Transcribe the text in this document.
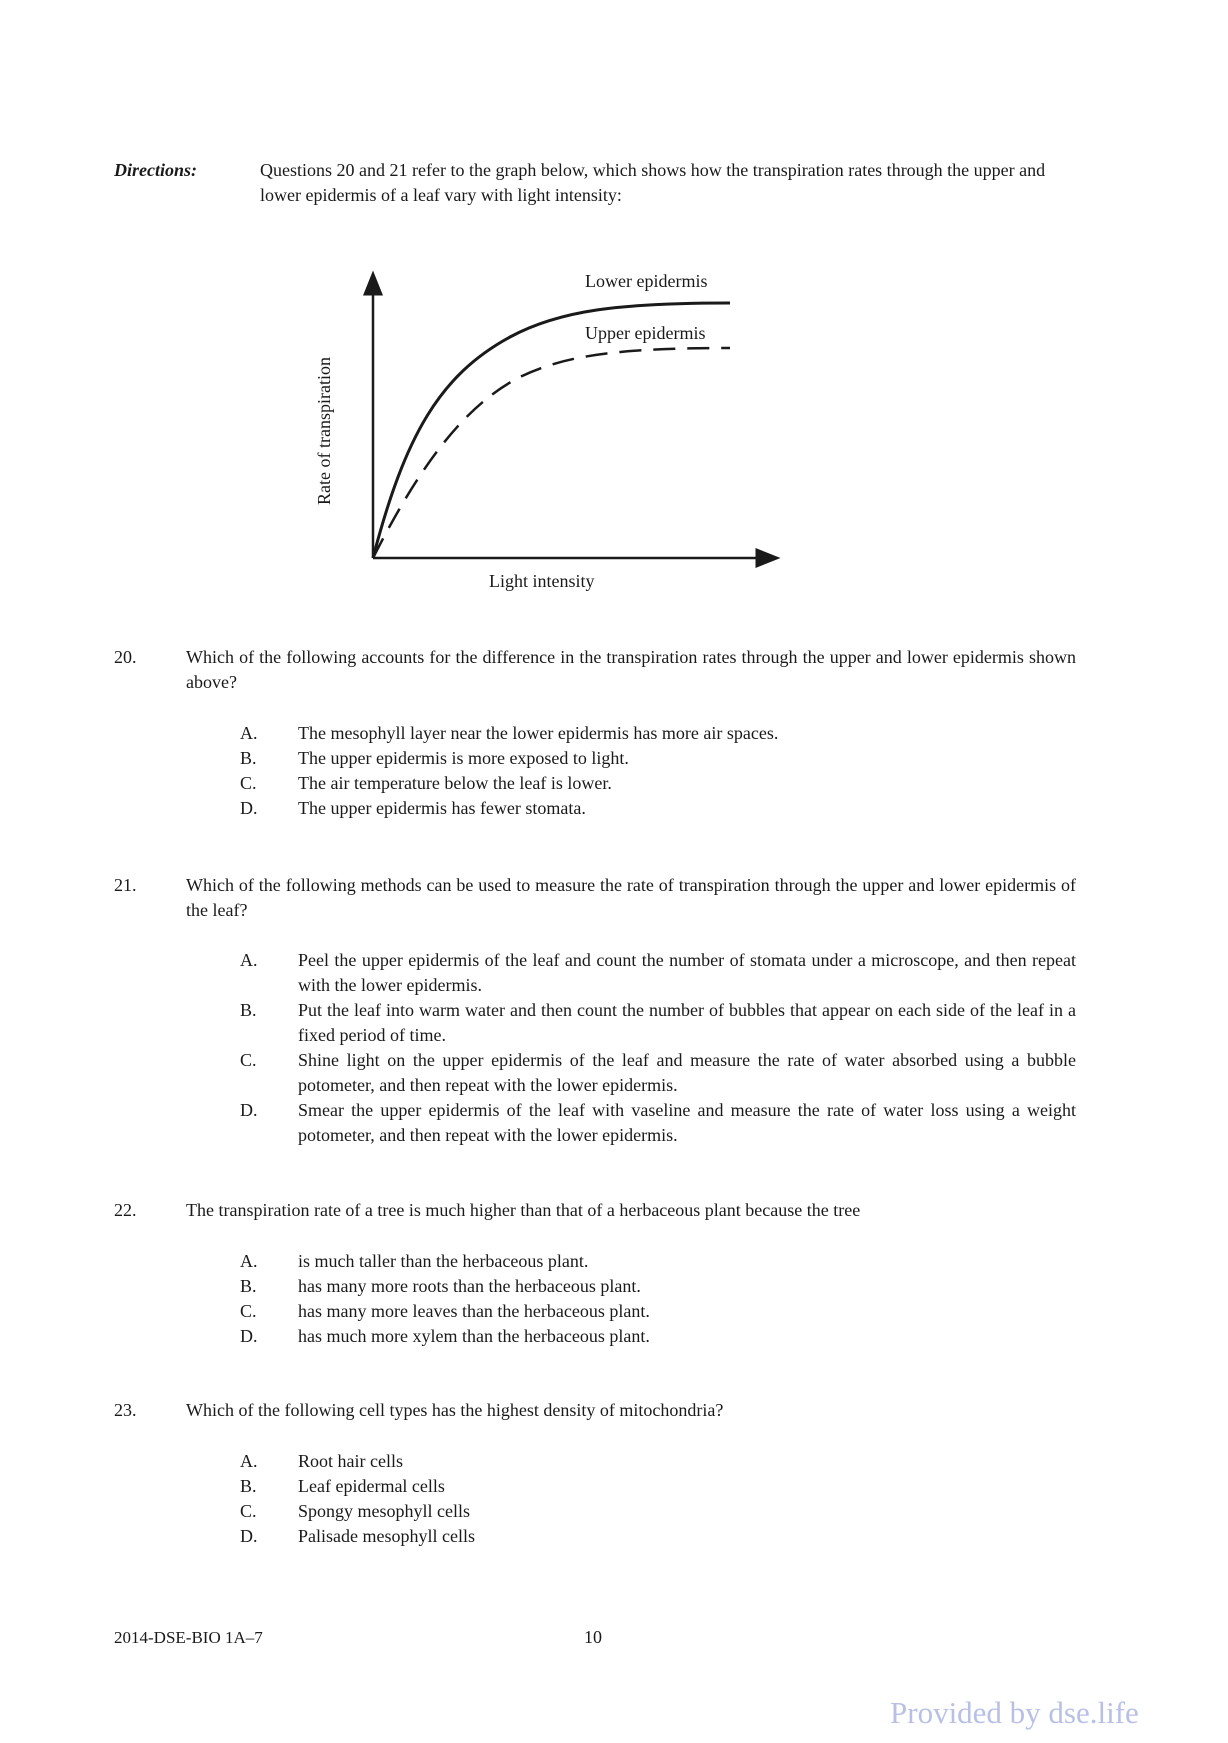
Directions:	Questions 20 and 21 refer to the graph below, which shows how the transpiration rates through the upper and lower epidermis of a leaf vary with light intensity:
Lower epidermis
Upper epidermis
Light intensity
Rate of transpiration
20.	Which of the following accounts for the difference in the transpiration rates through the upper and lower epidermis shown above?
A.	The mesophyll layer near the lower epidermis has more air spaces.
B.	The upper epidermis is more exposed to light.
C.	The air temperature below the leaf is lower.
D.	The upper epidermis has fewer stomata.
21.	Which of the following methods can be used to measure the rate of transpiration through the upper and lower epidermis of the leaf?
A.	Peel the upper epidermis of the leaf and count the number of stomata under a microscope, and then repeat with the lower epidermis.
B.	Put the leaf into warm water and then count the number of bubbles that appear on each side of the leaf in a fixed period of time.
C.	Shine light on the upper epidermis of the leaf and measure the rate of water absorbed using a bubble potometer, and then repeat with the lower epidermis.
D.	Smear the upper epidermis of the leaf with vaseline and measure the rate of water loss using a weight potometer, and then repeat with the lower epidermis.
22.	The transpiration rate of a tree is much higher than that of a herbaceous plant because the tree
A.	is much taller than the herbaceous plant.
B.	has many more roots than the herbaceous plant.
C.	has many more leaves than the herbaceous plant.
D.	has much more xylem than the herbaceous plant.
23.	Which of the following cell types has the highest density of mitochondria?
A.	Root hair cells
B.	Leaf epidermal cells
C.	Spongy mesophyll cells
D.	Palisade mesophyll cells
2014-DSE-BIO 1A–7	10
Provided by dse.life
